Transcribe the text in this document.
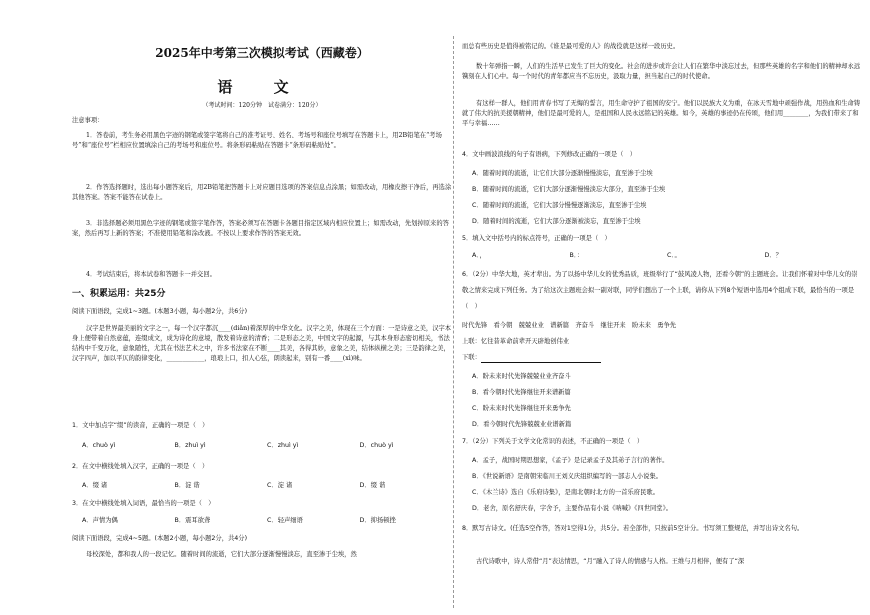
2025年中考第三次模拟考试（西藏卷）
语 文
（考试时间：120分钟　试卷满分：120分）
注意事项：
1．答卷前，考生务必用黑色字迹的钢笔或签字笔将自己的准考证号、姓名、考场号和座位号填写在答题卡上，用2B铅笔在“考场号”和“座位号”栏相应位置填涂自己的考场号和座位号。将条形码粘贴在答题卡“条形码粘贴处”。
2．作答选择题时，选出每小题答案后，用2B铅笔把答题卡上对应题目选项的答案信息点涂黑；如需改动，用橡皮擦干净后，再选涂其他答案。答案不能答在试卷上。
3．非选择题必须用黑色字迹的钢笔或签字笔作答，答案必须写在答题卡各题目指定区域内相应位置上；如需改动，先划掉原来的答案，然后再写上新的答案；不准使用铅笔和涂改液。不按以上要求作答的答案无效。
4．考试结束后，将本试卷和答题卡一并交回。
一、积累运用：共25分
阅读下面语段，完成1~3题。(本题3小题，每小题2分，共6分)
汉字是世界最美丽的文字之一，每一个汉字都沉____(diǎn)着深厚的中华文化。汉字之美，体现在三个方面：一是诗意之美，汉字本身上便带着自然意蕴，连缀成文，成为诗化的意境，散发着诗意的清香；二是形态之美，中国文字的起源，与其本身形态密切相关，书法结构中千变万化，意象随性，尤其在书法艺术之中，许多书法家在不断____其美，各得其妙，意象之美，结体纵横之美；三是韵律之美，汉字四声，加以平仄的韵律变化，____________，琅琅上口，扣人心弦，朗读起来，别有一番____(xì)味。
1．文中加点字“缀”的读音，正确的一项是（　）
A．chuò yì	B．zhuì yì	C．zhuì yì	D．chuò yì
2．在文中横线处填入汉字，正确的一项是（　）
A．缀 诸	B．淀 谐	C．淀 诸	D．缀 谐
3．在文中横线处填入词语，最恰当的一项是（　）
A．声情为偶	B．震耳欲聋	C．轻声细语	D．抑扬顿挫
阅读下面语段，完成4~5题。(本题2小题，每小题2分，共4分)
母校深处，都和我人的一段记忆。随着时间的流逝，它们大部分逐渐慢慢淡忘，直至渗于尘埃，然
而总有些历史是值得被铭记的。《谁是最可爱的人》的战役就是这样一段历史。
数十年弹指一瞬，人们的生活早已发生了巨大的变化。社会的进步或许会让人们在繁华中淡忘过去，但那些英雄的名字和他们的精神却永远镌刻在人们心中。每一个时代的青年都应当不忘历史，汲取力量，担当起自己的时代使命。
有这样一群人，他们用青春书写了无悔的誓言，用生命守护了祖国的安宁。他们以民族大义为重，在冰天雪地中顽强作战，用热血和生命铸就了伟大的抗美援朝精神，他们是最可爱的人，是祖国和人民永远铭记的英雄。如今，英雄的事迹仍在传颂，他们用________，为我们带来了和平与幸福……
4．文中画波浪线的句子有语病，下列修改正确的一项是（　）
A．随着时间的流逝，让它们大部分逐渐慢慢淡忘，直至渗于尘埃
B．随着时间的流逝，它们大部分逐渐慢慢淡忘大部分，直至渗于尘埃
C．随着时间的流逝，它们大部分慢慢逐渐淡忘，直至渗于尘埃
D．随着时间的流逝，它们大部分逐渐被淡忘，直至渗于尘埃
5．填入文中括号内的标点符号，正确的一项是（　）
A．，	B．：	C．。	D．？
6．（2分）中华大地，英才辈出。为了以扬中华儿女的优秀品质，班级举行了“鼓风凌人物，还看今朝”的主题班会。让我们怀着对中华儿女的崇敬之情来完成下列任务。为了给这次主题班会拟一副对联，同学们想出了一个上联，请你从下列8个短语中选用4个组成下联，最恰当的一项是（　）
时代先锋　看今朝　兢兢业业　谱新篇　齐奋斗　继往开来　盼未来　勇争先
上联：忆往昔革命前辈开天辟地创伟业
下联：
A．盼未来时代先锋兢兢业业齐奋斗
B．看今朝时代先锋继往开来谱新篇
C．盼未来时代先锋继往开来勇争先
D．看今朝时代先锋兢兢业业谱新篇
7．（2分）下列关于文学文化常识的表述，不正确的一项是（　）
A．孟子，战国时期思想家，《孟子》是记录孟子及其弟子言行的著作。
B．《世说新语》是南朝宋临川王刘义庆组织编写的一部志人小说集。
C．《木兰诗》选自《乐府诗集》，是南北朝时北方的一首乐府民歌。
D．老舍，原名舒庆春，字舍予，主要作品有小说《呐喊》《四世同堂》。
8．默写古诗文。(任选5空作答，答对1空得1分，共5分。若全部作，只按前5空计分。书写须工整规范，并写出诗文名句。
古代诗歌中，诗人常借“月”表达情思，“月”融入了诗人的情感与人格。王维与月相伴，便有了“深
